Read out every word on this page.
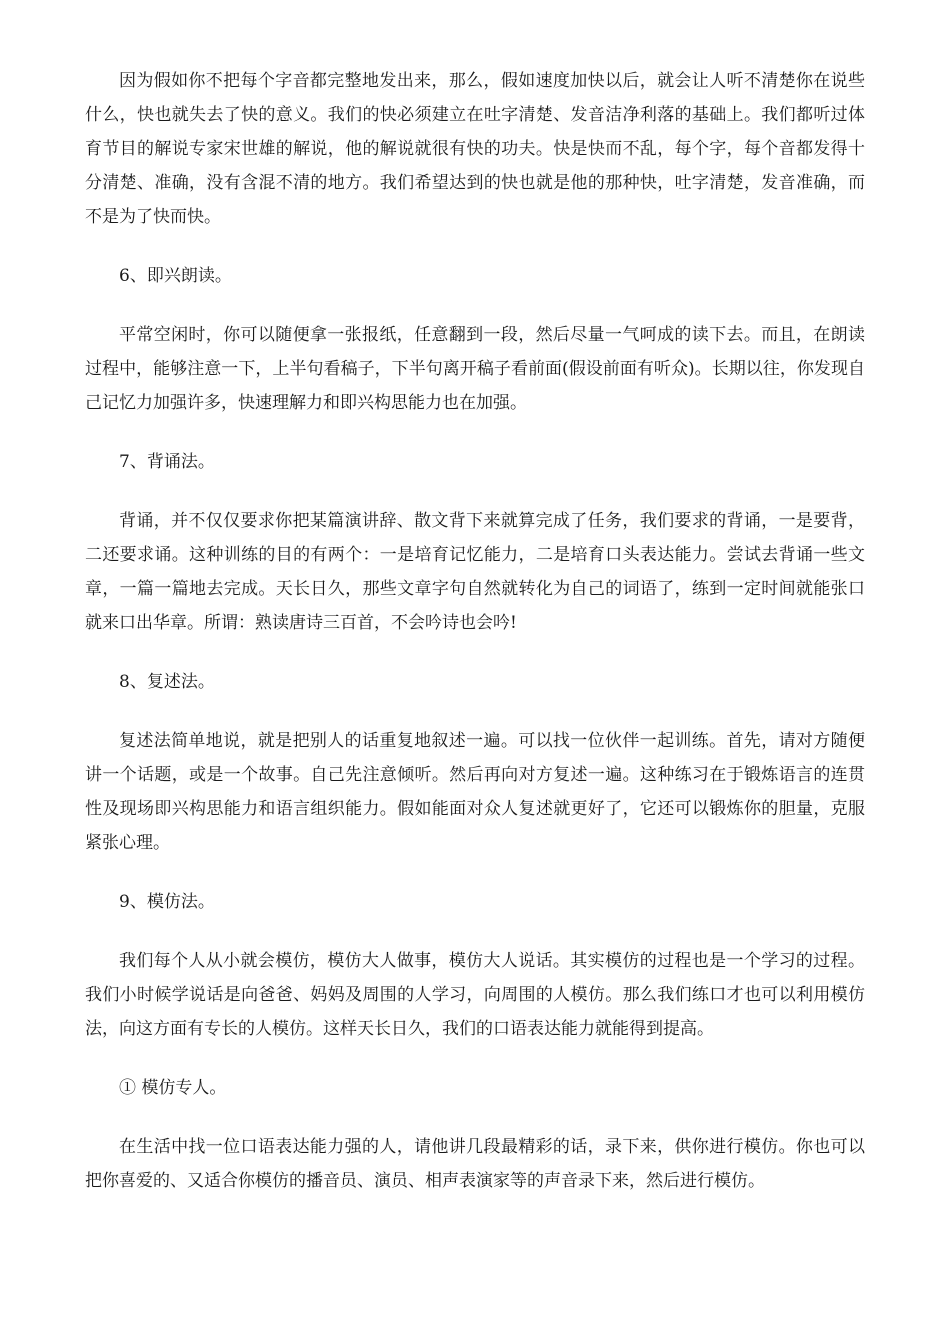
因为假如你不把每个字音都完整地发出来，那么，假如速度加快以后，就会让人听不清楚你在说些什么，快也就失去了快的意义。我们的快必须建立在吐字清楚、发音洁净利落的基础上。我们都听过体育节目的解说专家宋世雄的解说，他的解说就很有快的功夫。快是快而不乱，每个字，每个音都发得十分清楚、准确，没有含混不清的地方。我们希望达到的快也就是他的那种快，吐字清楚，发音准确，而不是为了快而快。

6、即兴朗读。

平常空闲时，你可以随便拿一张报纸，任意翻到一段，然后尽量一气呵成的读下去。而且，在朗读过程中，能够注意一下，上半句看稿子，下半句离开稿子看前面(假设前面有听众)。长期以往，你发现自己记忆力加强许多，快速理解力和即兴构思能力也在加强。

7、背诵法。

背诵，并不仅仅要求你把某篇演讲辞、散文背下来就算完成了任务，我们要求的背诵，一是要背，二还要求诵。这种训练的目的有两个：一是培育记忆能力，二是培育口头表达能力。尝试去背诵一些文章，一篇一篇地去完成。天长日久，那些文章字句自然就转化为自己的词语了，练到一定时间就能张口就来口出华章。所谓：熟读唐诗三百首，不会吟诗也会吟!

8、复述法。

复述法简单地说，就是把别人的话重复地叙述一遍。可以找一位伙伴一起训练。首先，请对方随便讲一个话题，或是一个故事。自己先注意倾听。然后再向对方复述一遍。这种练习在于锻炼语言的连贯性及现场即兴构思能力和语言组织能力。假如能面对众人复述就更好了，它还可以锻炼你的胆量，克服紧张心理。

9、模仿法。

我们每个人从小就会模仿，模仿大人做事，模仿大人说话。其实模仿的过程也是一个学习的过程。我们小时候学说话是向爸爸、妈妈及周围的人学习，向周围的人模仿。那么我们练口才也可以利用模仿法，向这方面有专长的人模仿。这样天长日久，我们的口语表达能力就能得到提高。

① 模仿专人。

在生活中找一位口语表达能力强的人，请他讲几段最精彩的话，录下来，供你进行模仿。你也可以把你喜爱的、又适合你模仿的播音员、演员、相声表演家等的声音录下来，然后进行模仿。
